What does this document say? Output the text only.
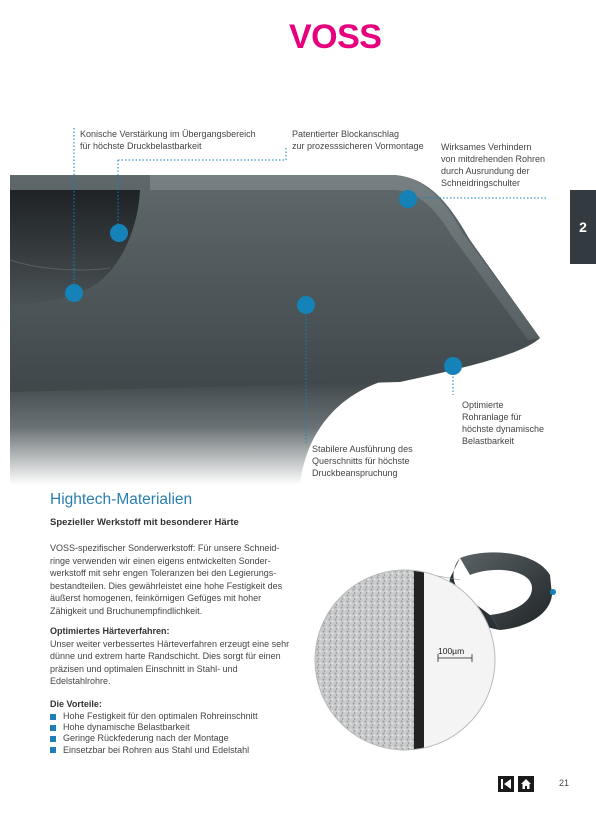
VOSS
2
Konische Verstärkung im Übergangsbereich
für höchste Druckbelastbarkeit
Patentierter Blockanschlag
zur prozesssicheren Vormontage Wirksames Verhindern
von mitdrehenden Rohren
durch Ausrundung der
Schneidringschulter
Optimierte
Rohranlage für
höchste dynamische
Belastbarkeit
Stabilere Ausführung des
Querschnitts für höchste
Druckbeanspruchung
Hightech-Materialien
Spezieller Werkstoff mit besonderer Härte
VOSS-spezifischer Sonderwerkstoff: Für unsere Schneid-ringe verwenden wir einen eigens entwickelten Sonder-werkstoff mit sehr engen Toleranzen bei den Legierungs-bestandteilen. Dies gewährleistet eine hohe Festigkeit des äußerst homogenen, feinkörnigen Gefüges mit hoher Zähigkeit und Bruchunempfindlichkeit.
Optimiertes Härteverfahren:
Unser weiter verbessertes Härteverfahren erzeugt eine sehr dünne und extrem harte Randschicht. Dies sorgt für einen präzisen und optimalen Einschnitt in Stahl- und Edelstahlrohre.
Die Vorteile:
Hohe Festigkeit für den optimalen Rohreinschnitt
Hohe dynamische Belastbarkeit
Geringe Rückfederung nach der Montage
Einsetzbar bei Rohren aus Stahl und Edelstahl
100µm
21
